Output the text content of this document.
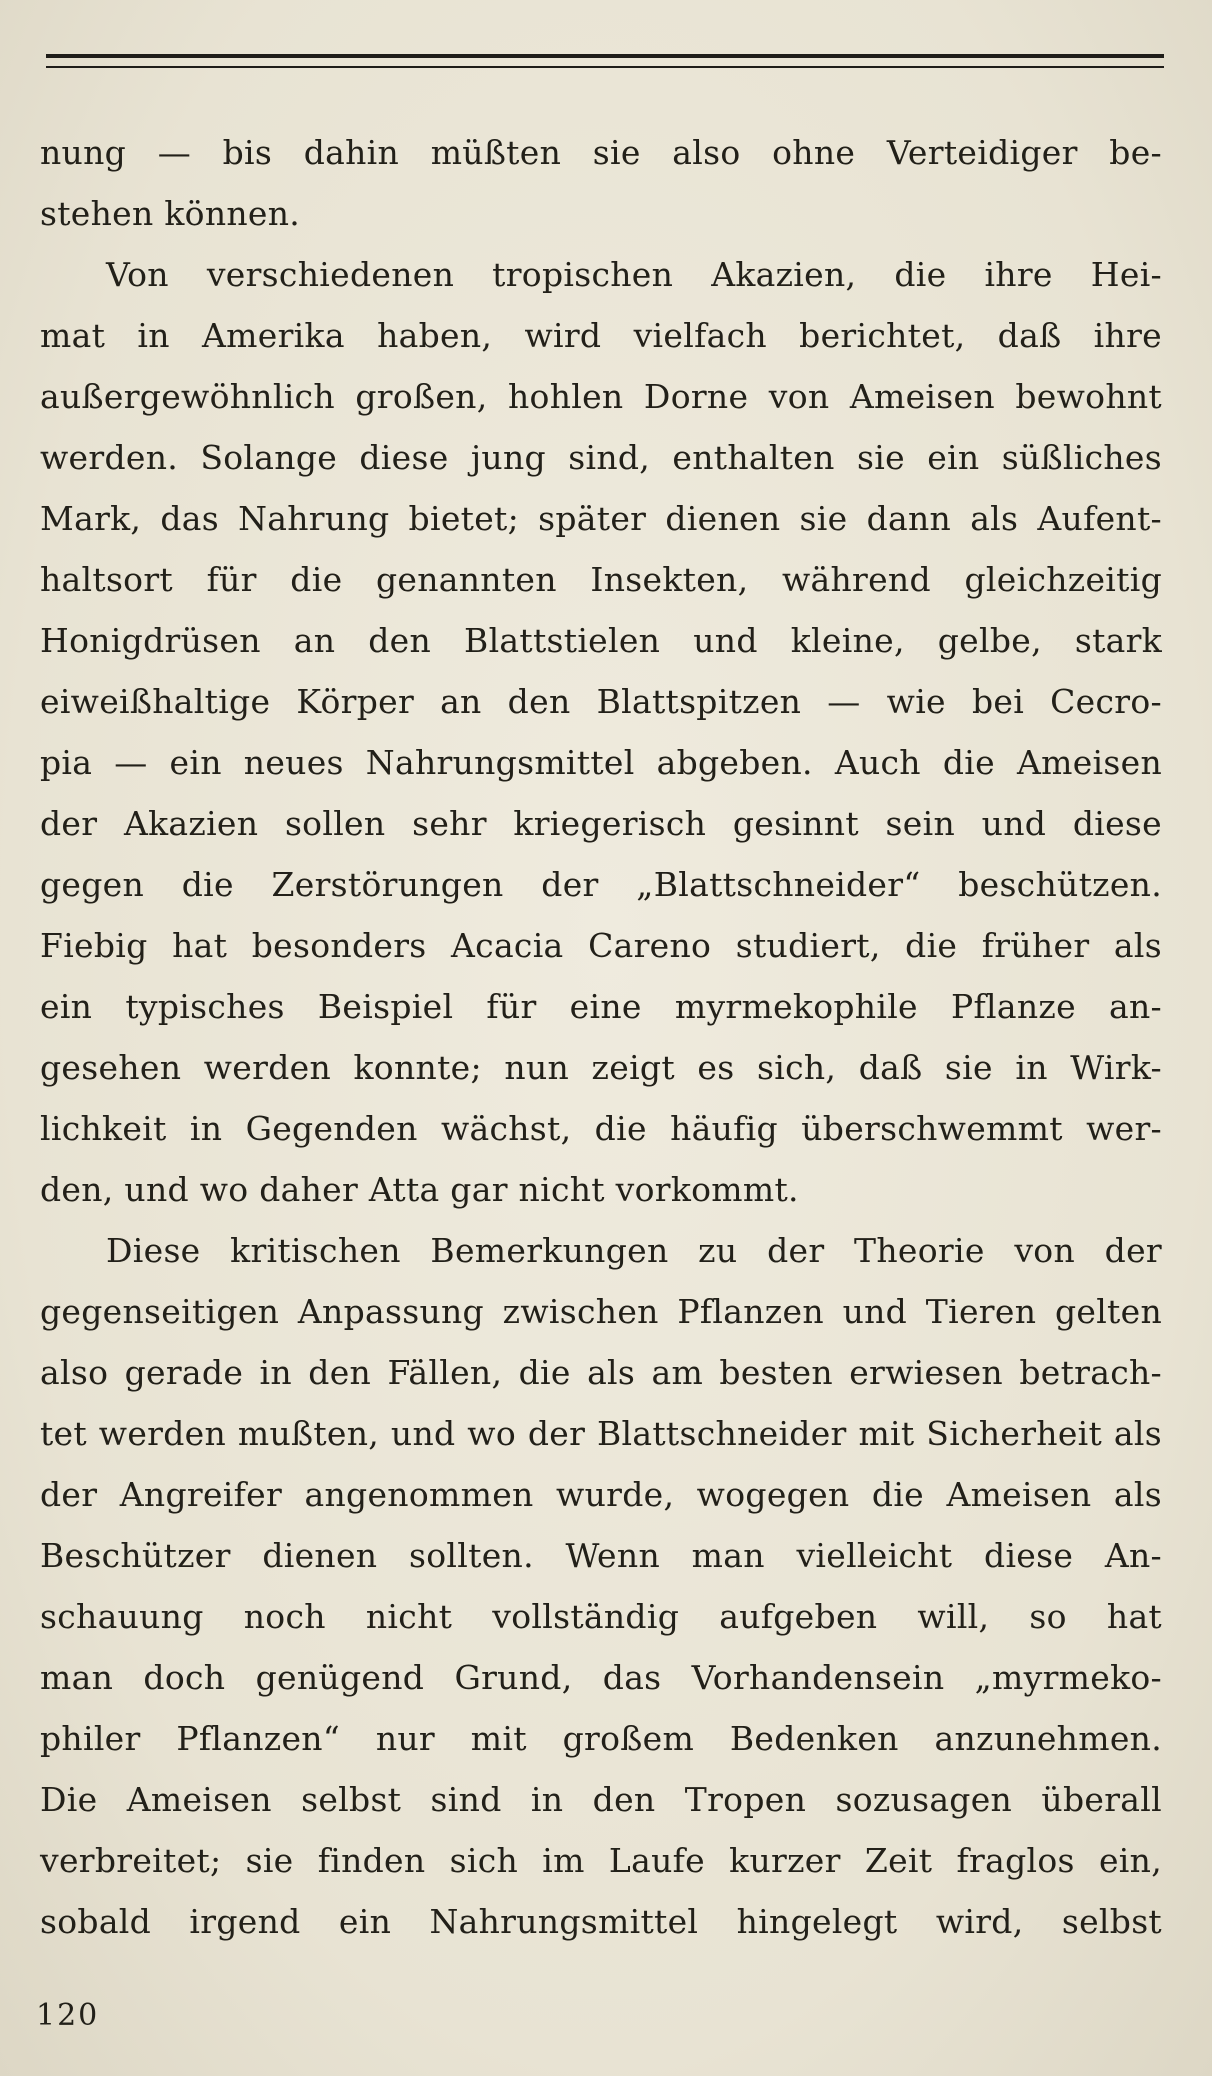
nung — bis dahin müßten sie also ohne Verteidiger be-
stehen können.
Von verschiedenen tropischen Akazien, die ihre Hei-
mat in Amerika haben, wird vielfach berichtet, daß ihre
außergewöhnlich großen, hohlen Dorne von Ameisen bewohnt
werden. Solange diese jung sind, enthalten sie ein süßliches
Mark, das Nahrung bietet; später dienen sie dann als Aufent-
haltsort für die genannten Insekten, während gleichzeitig
Honigdrüsen an den Blattstielen und kleine, gelbe, stark
eiweißhaltige Körper an den Blattspitzen — wie bei Cecro-
pia — ein neues Nahrungsmittel abgeben. Auch die Ameisen
der Akazien sollen sehr kriegerisch gesinnt sein und diese
gegen die Zerstörungen der „Blattschneider“ beschützen.
Fiebig hat besonders Acacia Careno studiert, die früher als
ein typisches Beispiel für eine myrmekophile Pflanze an-
gesehen werden konnte; nun zeigt es sich, daß sie in Wirk-
lichkeit in Gegenden wächst, die häufig überschwemmt wer-
den, und wo daher Atta gar nicht vorkommt.
Diese kritischen Bemerkungen zu der Theorie von der
gegenseitigen Anpassung zwischen Pflanzen und Tieren gelten
also gerade in den Fällen, die als am besten erwiesen betrach-
tet werden mußten, und wo der Blattschneider mit Sicherheit als
der Angreifer angenommen wurde, wogegen die Ameisen als
Beschützer dienen sollten. Wenn man vielleicht diese An-
schauung noch nicht vollständig aufgeben will, so hat
man doch genügend Grund, das Vorhandensein „myrmeko-
philer Pflanzen“ nur mit großem Bedenken anzunehmen.
Die Ameisen selbst sind in den Tropen sozusagen überall
verbreitet; sie finden sich im Laufe kurzer Zeit fraglos ein,
sobald irgend ein Nahrungsmittel hingelegt wird, selbst
120
